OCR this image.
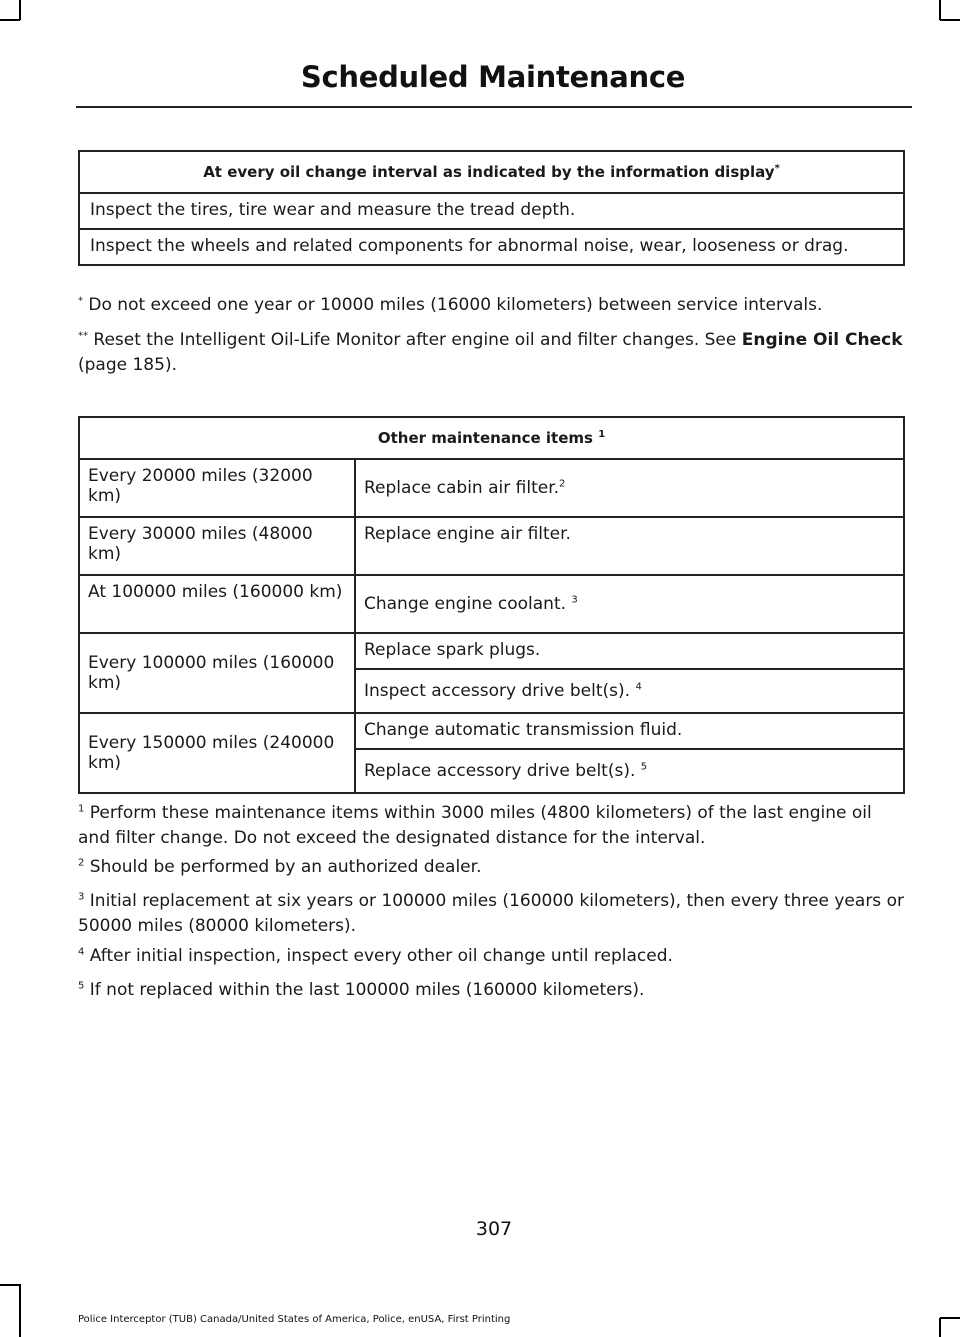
Scheduled Maintenance
At every oil change interval as indicated by the information display*
Inspect the tires, tire wear and measure the tread depth.
Inspect the wheels and related components for abnormal noise, wear, looseness or drag.
* Do not exceed one year or 10000 miles (16000 kilometers) between service intervals.
** Reset the Intelligent Oil-Life Monitor after engine oil and filter changes. See Engine Oil Check (page 185).
Other maintenance items $^1$
Every 20000 miles (32000 km)	Replace cabin air filter.$^2$
Every 30000 miles (48000 km)	Replace engine air filter.
At 100000 miles (160000 km)	Change engine coolant. $^3$
Every 100000 miles (160000 km)	Replace spark plugs.
	Inspect accessory drive belt(s). $^4$
Every 150000 miles (240000 km)	Change automatic transmission fluid.
	Replace accessory drive belt(s). $^5$
$^1$ Perform these maintenance items within 3000 miles (4800 kilometers) of the last engine oil and filter change. Do not exceed the designated distance for the interval.
$^2$ Should be performed by an authorized dealer.
$^3$ Initial replacement at six years or 100000 miles (160000 kilometers), then every three years or 50000 miles (80000 kilometers).
$^4$ After initial inspection, inspect every other oil change until replaced.
$^5$ If not replaced within the last 100000 miles (160000 kilometers).
307
Police Interceptor (TUB) Canada/United States of America, Police, enUSA, First Printing
